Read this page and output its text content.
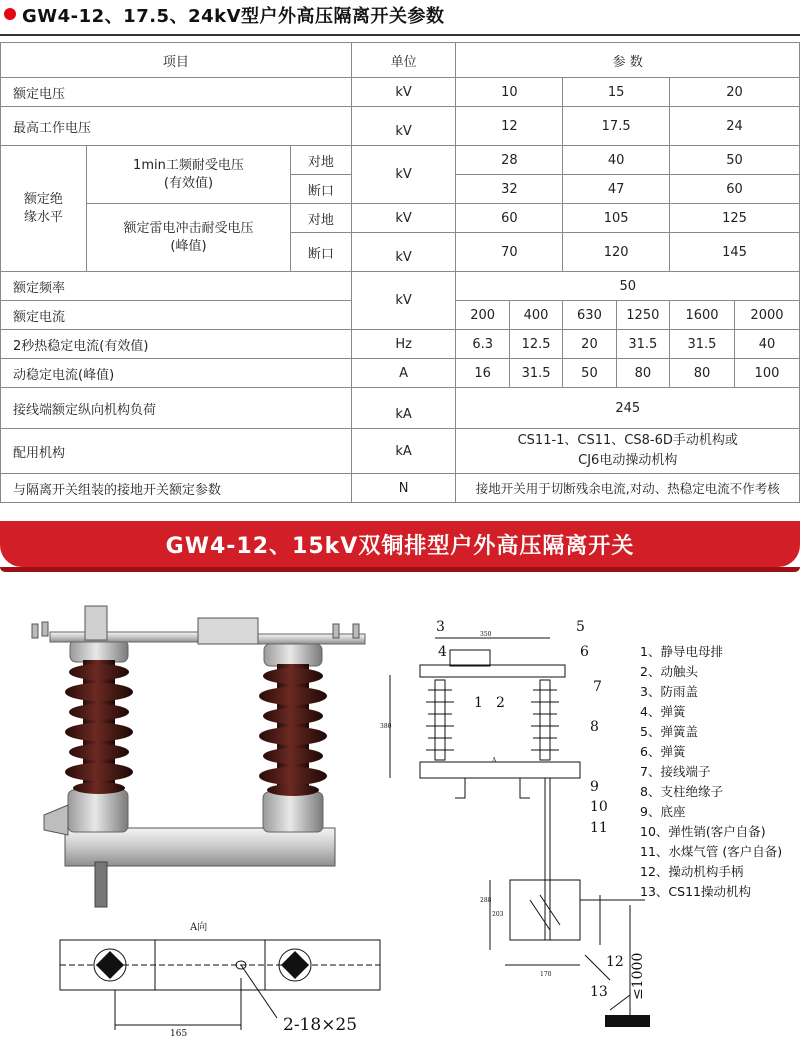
GW4-12、17.5、24kV型户外高压隔离开关参数
项目			单位	参 数					
额定电压			kV	10		15		20	
最高工作电压			kV	12		17.5		24	
额定绝缘水平	1min工频耐受电压(有效值)	对地	kV	28		40		50	
		断口		32		47		60	
	额定雷电冲击耐受电压(峰值)	对地	kV	60		105		125	
		断口	kV	70		120		145	
额定频率			kV	50					
额定电流				200	400	630	1250	1600	2000
2秒热稳定电流(有效值)			Hz	6.3	12.5	20	31.5	31.5	40
动稳定电流(峰值)			A	16	31.5	50	80	80	100
接线端额定纵向机构负荷			kA	245					
配用机构			kA	CS11-1、CS11、CS8-6D手动机构或CJ6电动操动机构					
与隔离开关组装的接地开关额定参数			N	接地开关用于切断残余电流,对动、热稳定电流不作考核					
GW4-12、15kV双铜排型户外高压隔离开关
A向
165	2-18×25
350
380
288
203
170
A
≤1000
3
4
1 2
5
6
7
8
9
10
11
12
13
1、静导电母排
2、动触头
3、防雨盖
4、弹簧
5、弹簧盖
6、弹簧
7、接线端子
8、支柱绝缘子
9、底座
10、弹性销(客户自备)
11、水煤气管 (客户自备)
12、操动机构手柄
13、CS11操动机构
